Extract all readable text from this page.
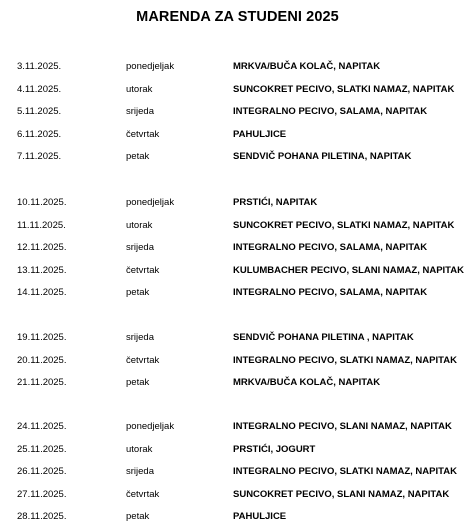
MARENDA ZA STUDENI 2025
3.11.2025.	ponedjeljak	MRKVA/BUČA KOLAČ, NAPITAK
4.11.2025.	utorak	SUNCOKRET PECIVO, SLATKI NAMAZ, NAPITAK
5.11.2025.	srijeda	INTEGRALNO PECIVO, SALAMA, NAPITAK
6.11.2025.	četvrtak	PAHULJICE
7.11.2025.	petak	SENDVIČ POHANA PILETINA, NAPITAK
10.11.2025.	ponedjeljak	PRSTIĆI, NAPITAK
11.11.2025.	utorak	SUNCOKRET PECIVO, SLATKI NAMAZ, NAPITAK
12.11.2025.	srijeda	INTEGRALNO PECIVO, SALAMA, NAPITAK
13.11.2025.	četvrtak	KULUMBACHER PECIVO, SLANI NAMAZ, NAPITAK
14.11.2025.	petak	INTEGRALNO PECIVO, SALAMA, NAPITAK
19.11.2025.	srijeda	SENDVIČ POHANA PILETINA , NAPITAK
20.11.2025.	četvrtak	INTEGRALNO PECIVO, SLATKI NAMAZ, NAPITAK
21.11.2025.	petak	MRKVA/BUČA KOLAČ, NAPITAK
24.11.2025.	ponedjeljak	INTEGRALNO PECIVO, SLANI NAMAZ, NAPITAK
25.11.2025.	utorak	PRSTIĆI, JOGURT
26.11.2025.	srijeda	INTEGRALNO PECIVO, SLATKI NAMAZ, NAPITAK
27.11.2025.	četvrtak	SUNCOKRET PECIVO, SLANI NAMAZ, NAPITAK
28.11.2025.	petak	PAHULJICE
